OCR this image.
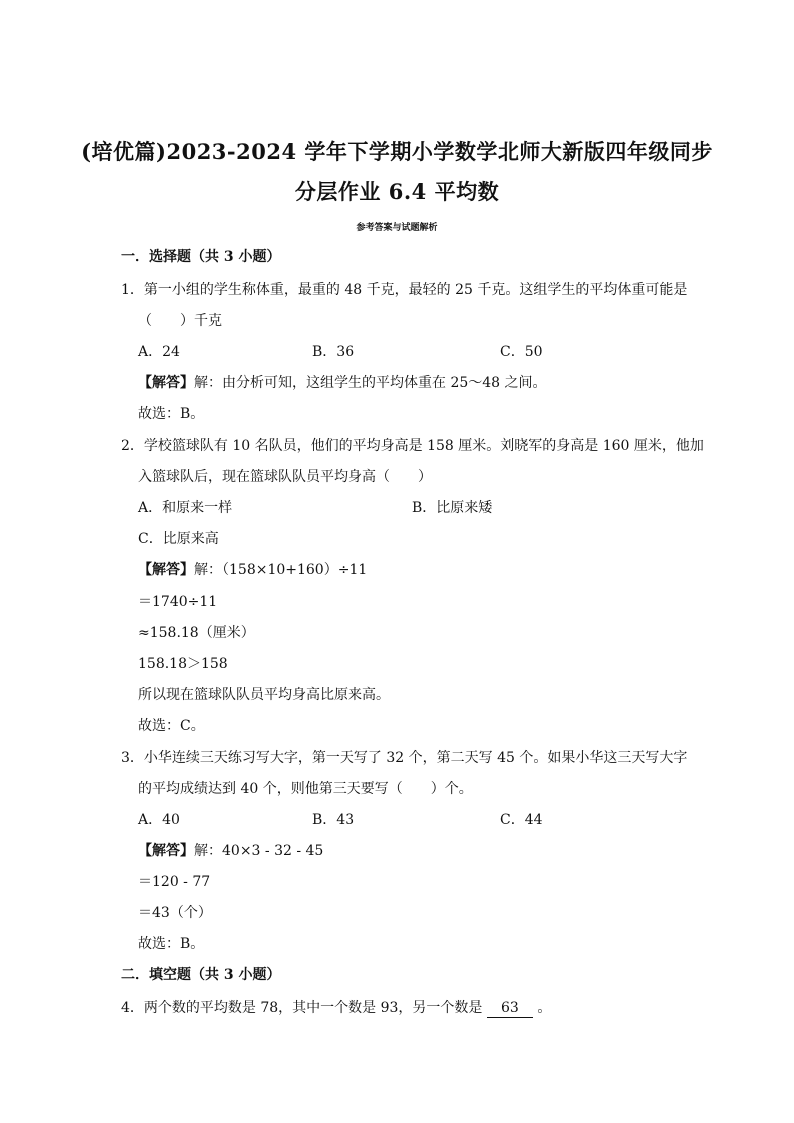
(培优篇)2023-2024 学年下学期小学数学北师大新版四年级同步
分层作业 6.4 平均数
参考答案与试题解析
一．选择题（共 3 小题）
1．第一小组的学生称体重，最重的 48 千克，最轻的 25 千克。这组学生的平均体重可能是
（　　）千克
A．24	B．36	C．50
【解答】解：由分析可知，这组学生的平均体重在 25～48 之间。
故选：B。
2．学校篮球队有 10 名队员，他们的平均身高是 158 厘米。刘晓军的身高是 160 厘米，他加
入篮球队后，现在篮球队队员平均身高（　　）
A．和原来一样	B．比原来矮
C．比原来高
【解答】解：（158×10+160）÷11
＝1740÷11
≈158.18（厘米）
158.18＞158
所以现在篮球队队员平均身高比原来高。
故选：C。
3．小华连续三天练习写大字，第一天写了 32 个，第二天写 45 个。如果小华这三天写大字
的平均成绩达到 40 个，则他第三天要写（　　）个。
A．40	B．43	C．44
【解答】解：40×3 - 32 - 45
＝120 - 77
＝43（个）
故选：B。
二．填空题（共 3 小题）
4．两个数的平均数是 78，其中一个数是 93，另一个数是 63 。
